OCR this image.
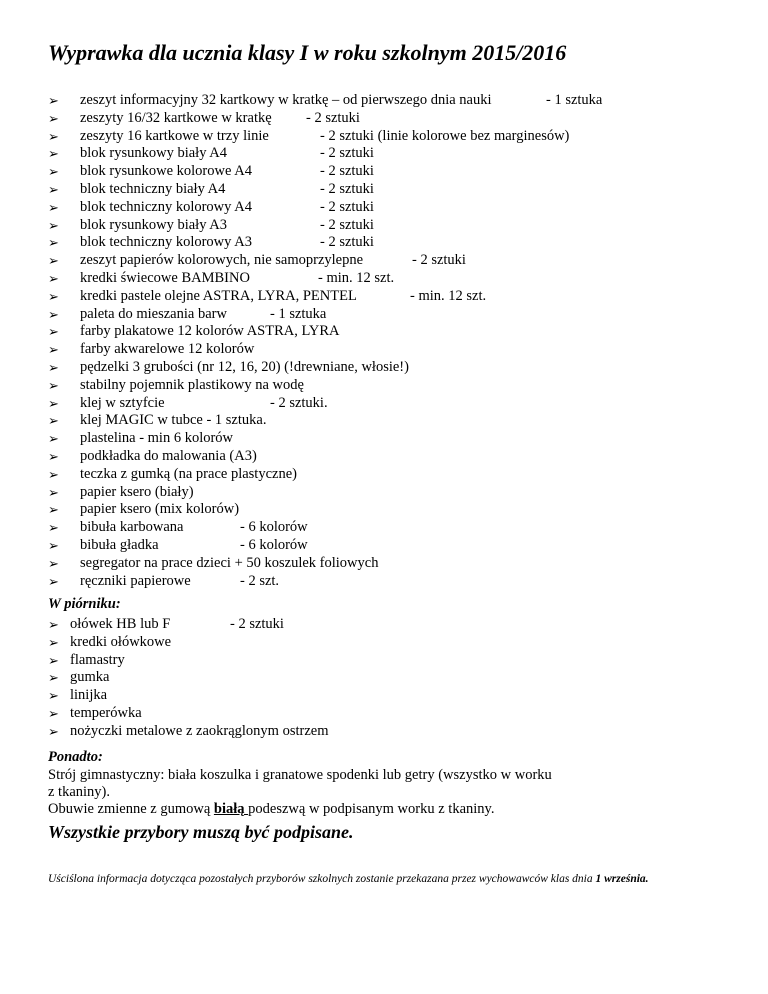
Wyprawka dla ucznia klasy I w roku szkolnym 2015/2016
➢ zeszyt informacyjny 32 kartkowy w kratkę – od pierwszego dnia nauki	- 1 sztuka
➢ zeszyty 16/32 kartkowe w kratkę - 2 sztuki
➢ zeszyty 16 kartkowe w trzy linie	- 2 sztuki (linie kolorowe bez marginesów)
➢ blok rysunkowy biały A4	- 2 sztuki
➢ blok rysunkowe kolorowe A4	- 2 sztuki
➢ blok techniczny biały A4	- 2 sztuki
➢ blok techniczny kolorowy A4	- 2 sztuki
➢ blok rysunkowy biały A3	- 2 sztuki
➢ blok techniczny kolorowy A3	- 2 sztuki
➢ zeszyt papierów kolorowych, nie samoprzylepne	- 2 sztuki
➢ kredki świecowe BAMBINO	- min. 12 szt.
➢ kredki pastele olejne ASTRA, LYRA, PENTEL	- min. 12 szt.
➢ paleta do mieszania barw	- 1 sztuka
➢ farby plakatowe 12 kolorów ASTRA, LYRA
➢ farby akwarelowe 12 kolorów
➢ pędzelki 3 grubości (nr 12, 16, 20) (!drewniane, włosie!)
➢ stabilny pojemnik plastikowy na wodę
➢ klej w sztyfcie	- 2 sztuki.
➢ klej MAGIC w tubce - 1 sztuka.
➢ plastelina - min 6 kolorów
➢ podkładka do malowania (A3)
➢ teczka z gumką (na prace plastyczne)
➢ papier ksero (biały)
➢ papier ksero (mix kolorów)
➢ bibuła karbowana	- 6 kolorów
➢ bibuła gładka	- 6 kolorów
➢ segregator na prace dzieci + 50 koszulek foliowych
➢ ręczniki papierowe	- 2 szt.
W piórniku:
➢ ołówek HB lub F	- 2 sztuki
➢ kredki ołówkowe
➢ flamastry
➢ gumka
➢ linijka
➢ temperówka
➢ nożyczki metalowe z zaokrąglonym ostrzem
Ponadto:
Strój gimnastyczny: biała koszulka i granatowe spodenki lub getry (wszystko w worku
z tkaniny).
Obuwie zmienne z gumową białą podeszwą w podpisanym worku z tkaniny.
Wszystkie przybory muszą być podpisane.
Uściślona informacja dotycząca pozostałych przyborów szkolnych zostanie przekazana przez wychowawców klas dnia 1 września.
